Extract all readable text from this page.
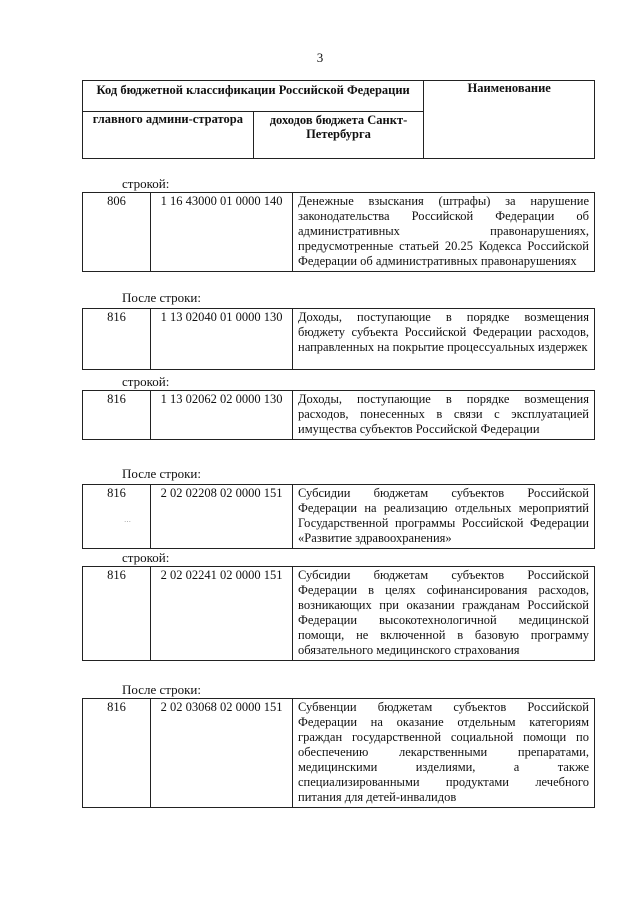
3
Код бюджетной классификации Российской Федерации		Наименование
главного админи-стратора	доходов бюджета Санкт-Петербурга	
строкой:
806	1 16 43000 01 0000 140	Денежные взыскания (штрафы) за нарушение законодательства Российской Федерации об административных правонарушениях, предусмотренные статьей 20.25 Кодекса Российской Федерации об административных правонарушениях
После строки:
816	1 13 02040 01 0000 130	Доходы, поступающие в порядке возмещения бюджету субъекта Российской Федерации расходов, направленных на покрытие процессуальных издержек
строкой:
816	1 13 02062 02 0000 130	Доходы, поступающие в порядке возмещения расходов, понесенных в связи с эксплуатацией имущества субъектов Российской Федерации
После строки:
816	2 02 02208 02 0000 151	Субсидии бюджетам субъектов Российской Федерации на реализацию отдельных мероприятий Государственной программы Российской Федерации «Развитие здравоохранения»
⋯
строкой:
816	2 02 02241 02 0000 151	Субсидии бюджетам субъектов Российской Федерации в целях софинансирования расходов, возникающих при оказании гражданам Российской Федерации высокотехнологичной медицинской помощи, не включенной в базовую программу обязательного медицинского страхования
После строки:
816	2 02 03068 02 0000 151	Субвенции бюджетам субъектов Российской Федерации на оказание отдельным категориям граждан государственной социальной помощи по обеспечению лекарственными препаратами, медицинскими изделиями, а также специализированными продуктами лечебного питания для детей-инвалидов
